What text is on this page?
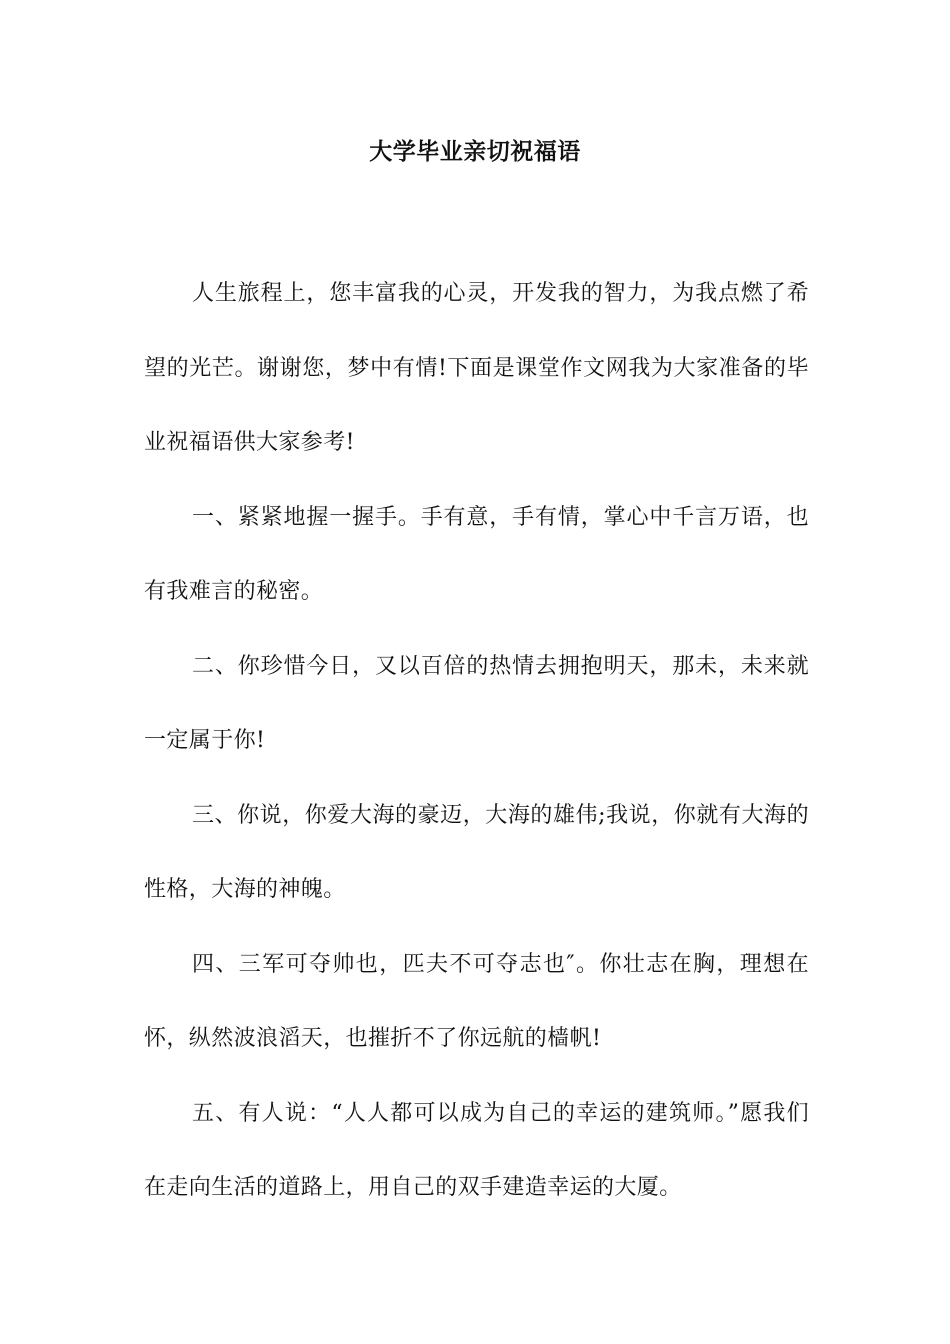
大学毕业亲切祝福语

人生旅程上，您丰富我的心灵，开发我的智力，为我点燃了希望的光芒。谢谢您，梦中有情!下面是课堂作文网我为大家准备的毕业祝福语供大家参考!

一、紧紧地握一握手。手有意，手有情，掌心中千言万语，也有我难言的秘密。

二、你珍惜今日，又以百倍的热情去拥抱明天，那未，未来就一定属于你!

三、你说，你爱大海的豪迈，大海的雄伟;我说，你就有大海的性格，大海的神魄。

四、三军可夺帅也，匹夫不可夺志也″。你壮志在胸，理想在怀，纵然波浪滔天，也摧折不了你远航的樯帆!

五、有人说：“人人都可以成为自己的幸运的建筑师。”愿我们在走向生活的道路上，用自己的双手建造幸运的大厦。
